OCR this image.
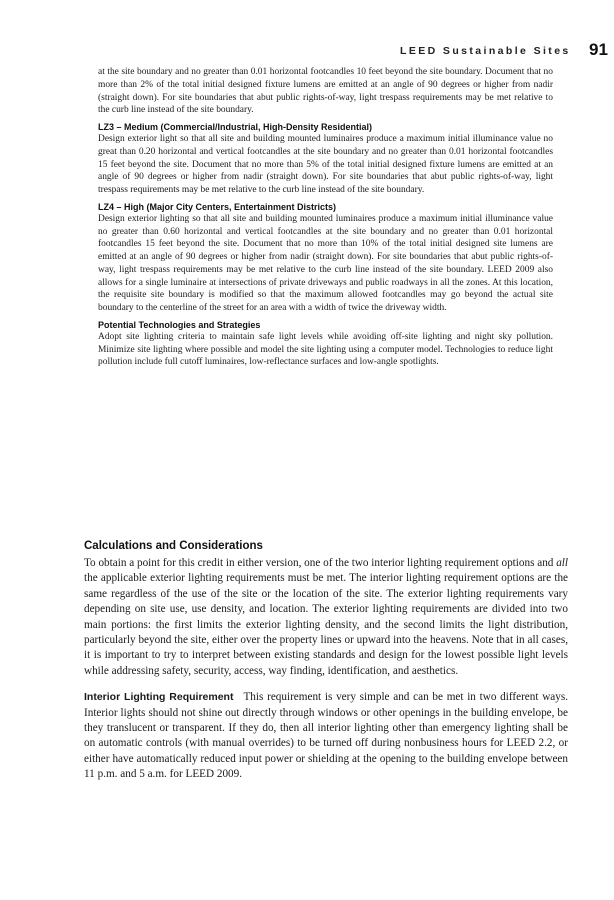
LEED Sustainable Sites 91

at the site boundary and no greater than 0.01 horizontal footcandles 10 feet beyond the site boundary. Document that no more than 2% of the total initial designed fixture lumens are emitted at an angle of 90 degrees or higher from nadir (straight down). For site boundaries that abut public rights-of-way, light trespass requirements may be met relative to the curb line instead of the site boundary.

LZ3 – Medium (Commercial/Industrial, High-Density Residential)

Design exterior light so that all site and building mounted luminaires produce a maximum initial illuminance value no great than 0.20 horizontal and vertical footcandles at the site boundary and no greater than 0.01 horizontal footcandles 15 feet beyond the site. Document that no more than 5% of the total initial designed fixture lumens are emitted at an angle of 90 degrees or higher from nadir (straight down). For site boundaries that abut public rights-of-way, light trespass requirements may be met relative to the curb line instead of the site boundary.

LZ4 – High (Major City Centers, Entertainment Districts)

Design exterior lighting so that all site and building mounted luminaires produce a maximum initial illuminance value no greater than 0.60 horizontal and vertical footcandles at the site boundary and no greater than 0.01 horizontal footcandles 15 feet beyond the site. Document that no more than 10% of the total initial designed site lumens are emitted at an angle of 90 degrees or higher from nadir (straight down). For site boundaries that abut public rights-of-way, light trespass requirements may be met relative to the curb line instead of the site boundary. LEED 2009 also allows for a single luminaire at intersections of private driveways and public roadways in all the zones. At this location, the requisite site boundary is modified so that the maximum allowed footcandles may go beyond the actual site boundary to the centerline of the street for an area with a width of twice the driveway width.

Potential Technologies and Strategies

Adopt site lighting criteria to maintain safe light levels while avoiding off-site lighting and night sky pollution. Minimize site lighting where possible and model the site lighting using a computer model. Technologies to reduce light pollution include full cutoff luminaires, low-reflectance surfaces and low-angle spotlights.

Calculations and Considerations

To obtain a point for this credit in either version, one of the two interior lighting requirement options and all the applicable exterior lighting requirements must be met. The interior lighting requirement options are the same regardless of the use of the site or the location of the site. The exterior lighting requirements vary depending on site use, use density, and location. The exterior lighting requirements are divided into two main portions: the first limits the exterior lighting density, and the second limits the light distribution, particularly beyond the site, either over the property lines or upward into the heavens. Note that in all cases, it is important to try to interpret between existing standards and design for the lowest possible light levels while addressing safety, security, access, way finding, identification, and aesthetics.

Interior Lighting Requirement This requirement is very simple and can be met in two different ways. Interior lights should not shine out directly through windows or other openings in the building envelope, be they translucent or transparent. If they do, then all interior lighting other than emergency lighting shall be on automatic controls (with manual overrides) to be turned off during nonbusiness hours for LEED 2.2, or either have automatically reduced input power or shielding at the opening to the building envelope between 11 p.m. and 5 a.m. for LEED 2009.
